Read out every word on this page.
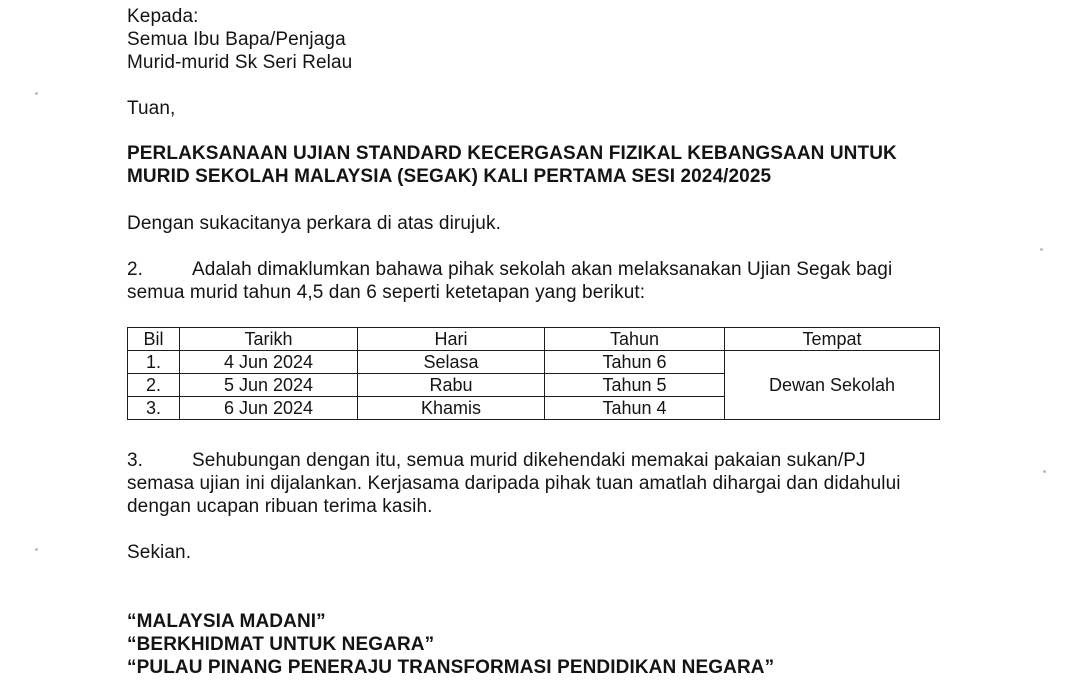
Kepada:
Semua Ibu Bapa/Penjaga
Murid-murid Sk Seri Relau
Tuan,
PERLAKSANAAN UJIAN STANDARD KECERGASAN FIZIKAL KEBANGSAAN UNTUK
MURID SEKOLAH MALAYSIA (SEGAK) KALI PERTAMA SESI 2024/2025
Dengan sukacitanya perkara di atas dirujuk.
2.	Adalah dimaklumkan bahawa pihak sekolah akan melaksanakan Ujian Segak bagi
semua murid tahun 4,5 dan 6 seperti ketetapan yang berikut:
Bil	Tarikh	Hari	Tahun	Tempat
1.	4 Jun 2024	Selasa	Tahun 6	Dewan Sekolah
2.	5 Jun 2024	Rabu	Tahun 5	
3.	6 Jun 2024	Khamis	Tahun 4	
3.	Sehubungan dengan itu, semua murid dikehendaki memakai pakaian sukan/PJ
semasa ujian ini dijalankan. Kerjasama daripada pihak tuan amatlah dihargai dan didahului
dengan ucapan ribuan terima kasih.
Sekian.
“MALAYSIA MADANI”
“BERKHIDMAT UNTUK NEGARA”
“PULAU PINANG PENERAJU TRANSFORMASI PENDIDIKAN NEGARA”
